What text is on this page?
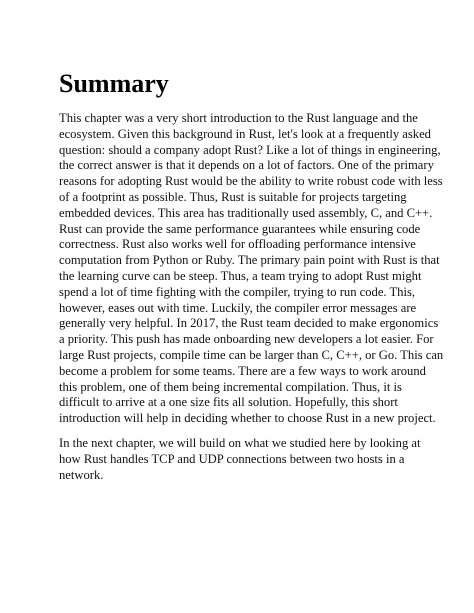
Summary

This chapter was a very short introduction to the Rust language and the
ecosystem. Given this background in Rust, let's look at a frequently asked
question: should a company adopt Rust? Like a lot of things in engineering,
the correct answer is that it depends on a lot of factors. One of the primary
reasons for adopting Rust would be the ability to write robust code with less
of a footprint as possible. Thus, Rust is suitable for projects targeting
embedded devices. This area has traditionally used assembly, C, and C++.
Rust can provide the same performance guarantees while ensuring code
correctness. Rust also works well for offloading performance intensive
computation from Python or Ruby. The primary pain point with Rust is that
the learning curve can be steep. Thus, a team trying to adopt Rust might
spend a lot of time fighting with the compiler, trying to run code. This,
however, eases out with time. Luckily, the compiler error messages are
generally very helpful. In 2017, the Rust team decided to make ergonomics
a priority. This push has made onboarding new developers a lot easier. For
large Rust projects, compile time can be larger than C, C++, or Go. This can
become a problem for some teams. There are a few ways to work around
this problem, one of them being incremental compilation. Thus, it is
difficult to arrive at a one size fits all solution. Hopefully, this short
introduction will help in deciding whether to choose Rust in a new project.

In the next chapter, we will build on what we studied here by looking at
how Rust handles TCP and UDP connections between two hosts in a
network.
